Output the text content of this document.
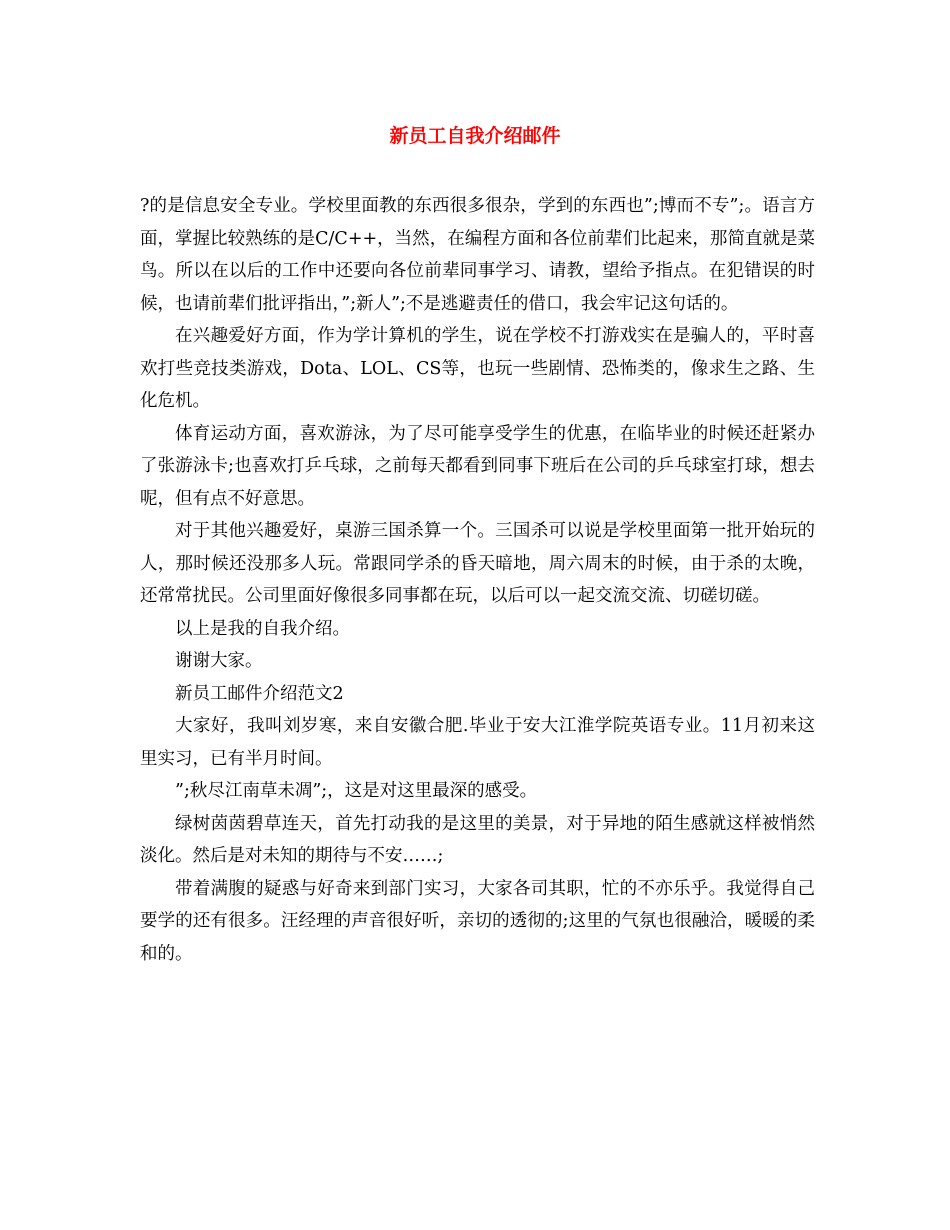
新员工自我介绍邮件

?的是信息安全专业。学校里面教的东西很多很杂，学到的东西也”;博而不专”;。语言方面，掌握比较熟练的是C/C++，当然，在编程方面和各位前辈们比起来，那简直就是菜鸟。所以在以后的工作中还要向各位前辈同事学习、请教，望给予指点。在犯错误的时候，也请前辈们批评指出，”;新人”;不是逃避责任的借口，我会牢记这句话的。

在兴趣爱好方面，作为学计算机的学生，说在学校不打游戏实在是骗人的，平时喜欢打些竞技类游戏，Dota、LOL、CS等，也玩一些剧情、恐怖类的，像求生之路、生化危机。

体育运动方面，喜欢游泳，为了尽可能享受学生的优惠，在临毕业的时候还赶紧办了张游泳卡;也喜欢打乒乓球，之前每天都看到同事下班后在公司的乒乓球室打球，想去呢，但有点不好意思。

对于其他兴趣爱好，桌游三国杀算一个。三国杀可以说是学校里面第一批开始玩的人，那时候还没那多人玩。常跟同学杀的昏天暗地，周六周末的时候，由于杀的太晚，还常常扰民。公司里面好像很多同事都在玩，以后可以一起交流交流、切磋切磋。

以上是我的自我介绍。

谢谢大家。

新员工邮件介绍范文2

大家好，我叫刘岁寒，来自安徽合肥.毕业于安大江淮学院英语专业。11月初来这里实习，已有半月时间。

”;秋尽江南草未凋”;，这是对这里最深的感受。

绿树茵茵碧草连天，首先打动我的是这里的美景，对于异地的陌生感就这样被悄然淡化。然后是对未知的期待与不安……;

带着满腹的疑惑与好奇来到部门实习，大家各司其职，忙的不亦乐乎。我觉得自己要学的还有很多。汪经理的声音很好听，亲切的透彻的;这里的气氛也很融洽，暖暖的柔和的。
